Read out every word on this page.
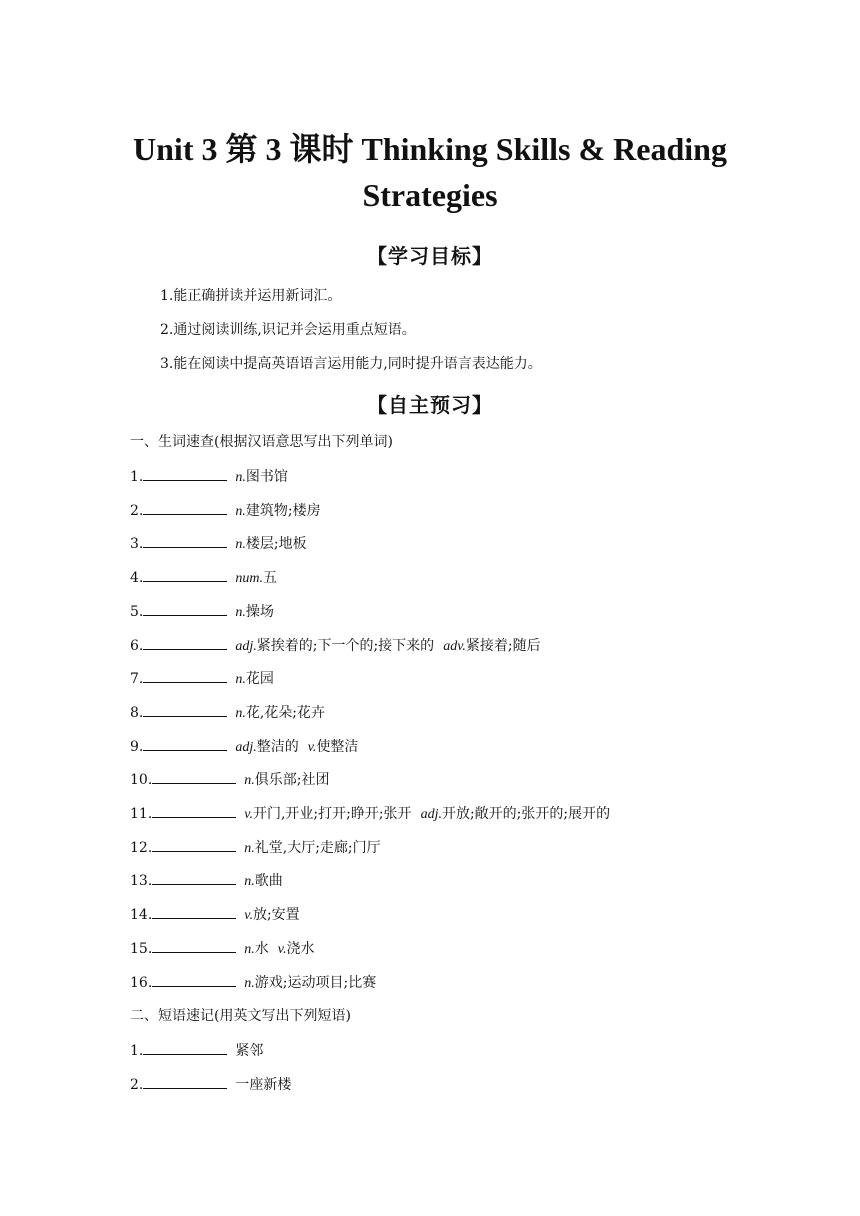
Unit 3 第 3 课时 Thinking Skills & Reading
Strategies
【学习目标】

1.能正确拼读并运用新词汇。

2.通过阅读训练,识记并会运用重点短语。

3.能在阅读中提高英语语言运用能力,同时提升语言表达能力。

【自主预习】

一、生词速查(根据汉语意思写出下列单词)

1.	n.图书馆

2.	n.建筑物;楼房

3.	n.楼层;地板

4.	num.五

5.	n.操场

6.	adj.紧挨着的;下一个的;接下来的 adv.紧接着;随后

7.	n.花园

8.	n.花,花朵;花卉

9.	adj.整洁的 v.使整洁

10.	n.俱乐部;社团

11.	v.开门,开业;打开;睁开;张开 adj.开放;敞开的;张开的;展开的

12.	n.礼堂,大厅;走廊;门厅

13.	n.歌曲

14.	v.放;安置

15.	n.水 v.浇水

16.	n.游戏;运动项目;比赛

二、短语速记(用英文写出下列短语)

1.	紧邻

2.	一座新楼
